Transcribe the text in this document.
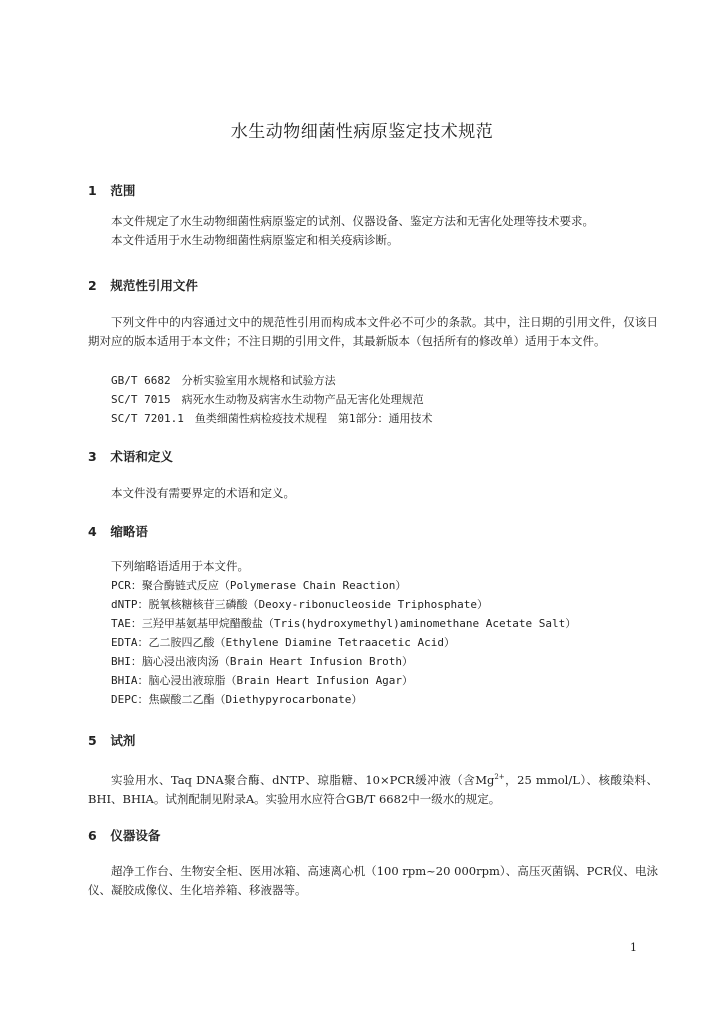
水生动物细菌性病原鉴定技术规范
1 范围
本文件规定了水生动物细菌性病原鉴定的试剂、仪器设备、鉴定方法和无害化处理等技术要求。
本文件适用于水生动物细菌性病原鉴定和相关疫病诊断。
2 规范性引用文件
下列文件中的内容通过文中的规范性引用而构成本文件必不可少的条款。其中，注日期的引用文件，仅该日期对应的版本适用于本文件；不注日期的引用文件，其最新版本（包括所有的修改单）适用于本文件。
GB/T 6682　分析实验室用水规格和试验方法
SC/T 7015　病死水生动物及病害水生动物产品无害化处理规范
SC/T 7201.1　鱼类细菌性病检疫技术规程　第1部分：通用技术
3 术语和定义
本文件没有需要界定的术语和定义。
4 缩略语
下列缩略语适用于本文件。
PCR：聚合酶链式反应（Polymerase Chain Reaction）
dNTP：脱氧核糖核苷三磷酸（Deoxy-ribonucleoside Triphosphate）
TAE：三羟甲基氨基甲烷醋酸盐（Tris(hydroxymethyl)aminomethane Acetate Salt）
EDTA：乙二胺四乙酸（Ethylene Diamine Tetraacetic Acid）
BHI：脑心浸出液肉汤（Brain Heart Infusion Broth）
BHIA：脑心浸出液琼脂（Brain Heart Infusion Agar）
DEPC：焦碳酸二乙酯（Diethypyrocarbonate）
5 试剂
实验用水、Taq DNA聚合酶、dNTP、琼脂糖、10×PCR缓冲液（含$Mg^{2+}$，25 mmol/L）、核酸染料、BHI、BHIA。试剂配制见附录A。实验用水应符合GB/T 6682中一级水的规定。
6 仪器设备
超净工作台、生物安全柜、医用冰箱、高速离心机（100 rpm~20 000rpm）、高压灭菌锅、PCR仪、电泳仪、凝胶成像仪、生化培养箱、移液器等。
1
